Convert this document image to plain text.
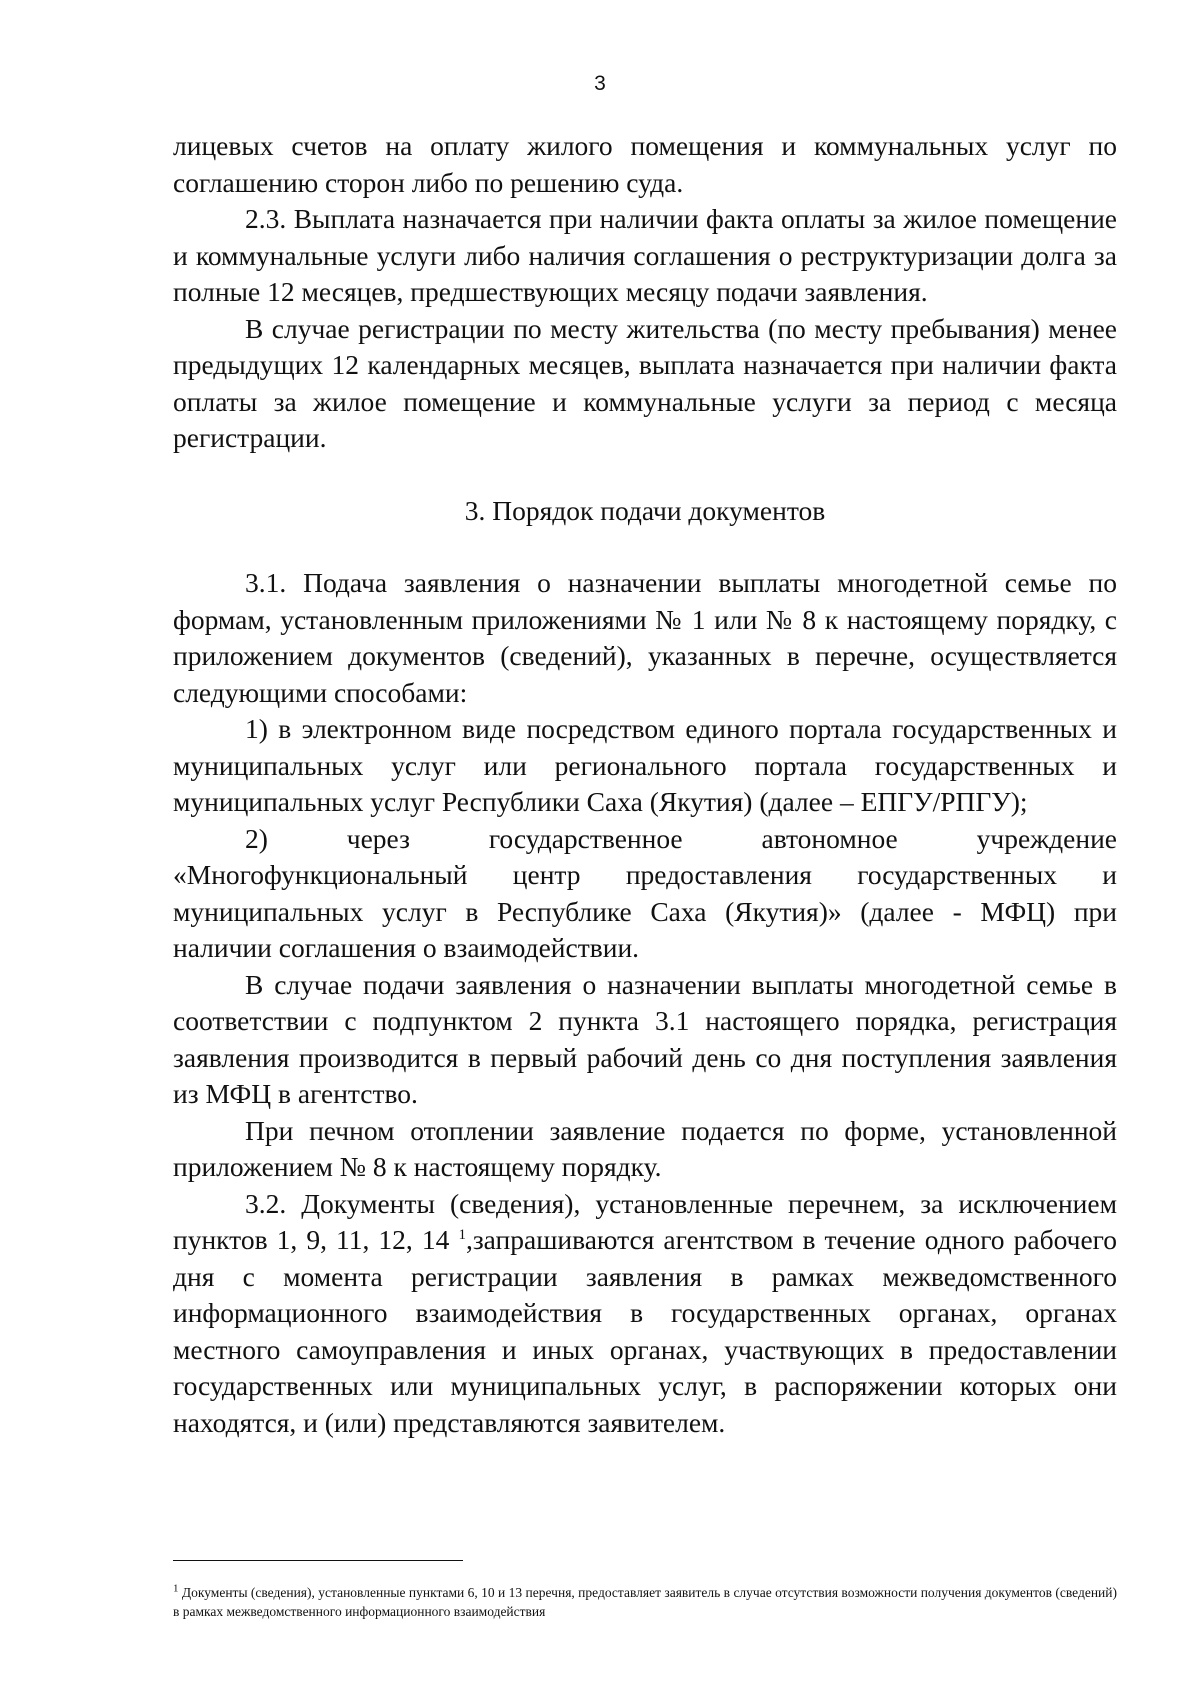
3

лицевых счетов на оплату жилого помещения и коммунальных услуг по соглашению сторон либо по решению суда.

2.3. Выплата назначается при наличии факта оплаты за жилое помещение и коммунальные услуги либо наличия соглашения о реструктуризации долга за полные 12 месяцев, предшествующих месяцу подачи заявления.

В случае регистрации по месту жительства (по месту пребывания) менее предыдущих 12 календарных месяцев, выплата назначается при наличии факта оплаты за жилое помещение и коммунальные услуги за период с месяца регистрации.

3. Порядок подачи документов

3.1. Подача заявления о назначении выплаты многодетной семье по формам, установленным приложениями № 1 или № 8 к настоящему порядку, с приложением документов (сведений), указанных в перечне, осуществляется следующими способами:

1) в электронном виде посредством единого портала государственных и муниципальных услуг или регионального портала государственных и муниципальных услуг Республики Саха (Якутия) (далее – ЕПГУ/РПГУ);

2) через государственное автономное учреждение «Многофункциональный центр предоставления государственных и муниципальных услуг в Республике Саха (Якутия)» (далее - МФЦ) при наличии соглашения о взаимодействии.

В случае подачи заявления о назначении выплаты многодетной семье в соответствии с подпунктом 2 пункта 3.1 настоящего порядка, регистрация заявления производится в первый рабочий день со дня поступления заявления из МФЦ в агентство.

При печном отоплении заявление подается по форме, установленной приложением № 8 к настоящему порядку.

3.2. Документы (сведения), установленные перечнем, за исключением пунктов 1, 9, 11, 12, 14 $^1$,запрашиваются агентством в течение одного рабочего дня с момента регистрации заявления в рамках межведомственного информационного взаимодействия в государственных органах, органах местного самоуправления и иных органах, участвующих в предоставлении государственных или муниципальных услуг, в распоряжении которых они находятся, и (или) представляются заявителем.

$^1$ Документы (сведения), установленные пунктами 6, 10 и 13 перечня, предоставляет заявитель в случае отсутствия возможности получения документов (сведений) в рамках межведомственного информационного взаимодействия
